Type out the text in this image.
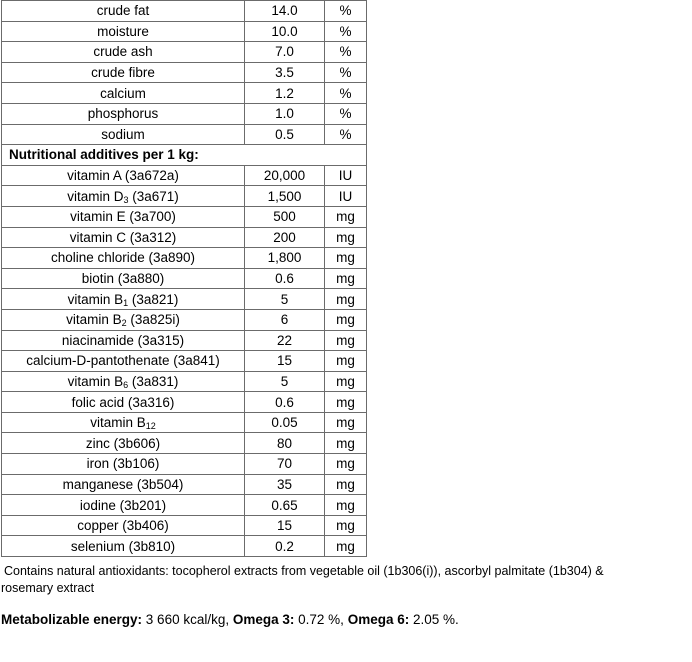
crude fat	14.0	%
moisture	10.0	%
crude ash	7.0	%
crude fibre	3.5	%
calcium	1.2	%
phosphorus	1.0	%
sodium	0.5	%
Nutritional additives per 1 kg:		
vitamin A (3a672a)	20,000	IU
vitamin $D_3$ (3a671)	1,500	IU
vitamin E (3a700)	500	mg
vitamin C (3a312)	200	mg
choline chloride (3a890)	1,800	mg
biotin (3a880)	0.6	mg
vitamin $B_1$ (3a821)	5	mg
vitamin $B_2$ (3a825i)	6	mg
niacinamide (3a315)	22	mg
calcium-D-pantothenate (3a841)	15	mg
vitamin $B_6$ (3a831)	5	mg
folic acid (3a316)	0.6	mg
vitamin $B_{12}$	0.05	mg
zinc (3b606)	80	mg
iron (3b106)	70	mg
manganese (3b504)	35	mg
iodine (3b201)	0.65	mg
copper (3b406)	15	mg
selenium (3b810)	0.2	mg
Contains natural antioxidants: tocopherol extracts from vegetable oil (1b306(i)), ascorbyl palmitate (1b304) &
rosemary extract
Metabolizable energy: 3 660 kcal/kg, Omega 3: 0.72 %, Omega 6: 2.05 %.
